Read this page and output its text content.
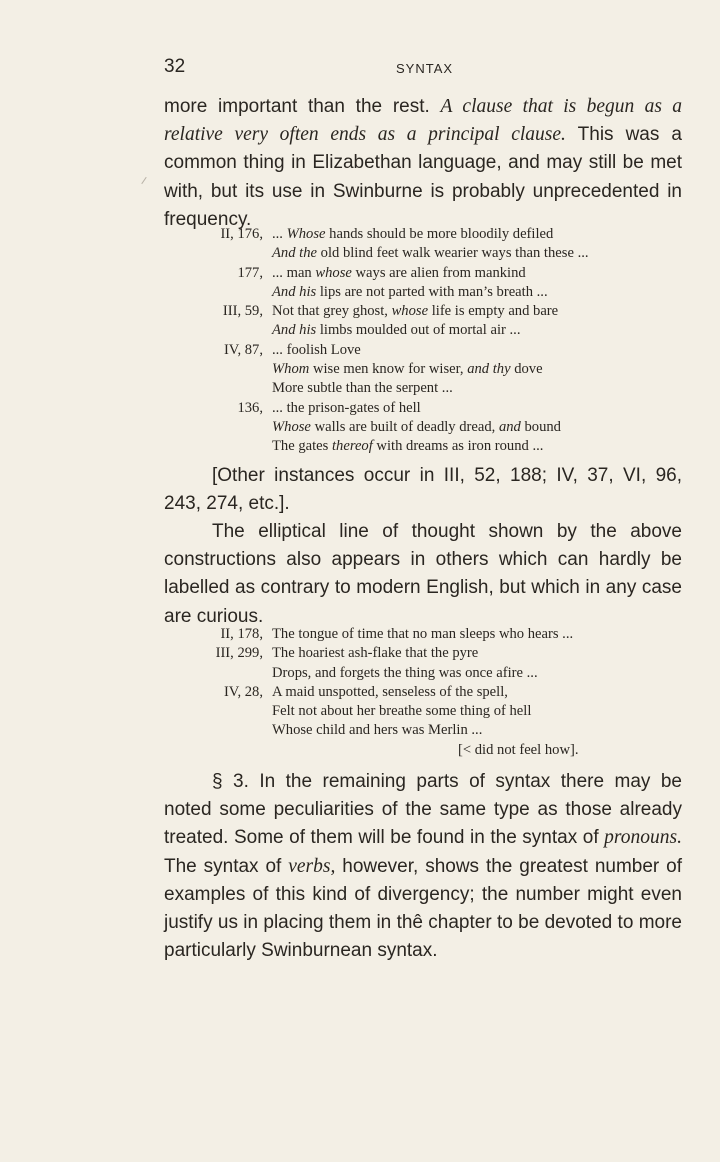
32	SYNTAX

more important than the rest. A clause that is begun as a relative very often ends as a principal clause. This was a common thing in Elizabethan language, and may still be met with, but its use in Swinburne is probably unprecedented in frequency.

II, 176, ... Whose hands should be more bloodily defiled
And the old blind feet walk wearier ways than these ...
177, ... man whose ways are alien from mankind
And his lips are not parted with man’s breath ...
III, 59, Not that grey ghost, whose life is empty and bare
And his limbs moulded out of mortal air ...
IV, 87, ... foolish Love
Whom wise men know for wiser, and thy dove
More subtle than the serpent ...
136, ... the prison-gates of hell
Whose walls are built of deadly dread, and bound
The gates thereof with dreams as iron round ...

[Other instances occur in III, 52, 188; IV, 37, VI, 96, 243, 274, etc.].

The elliptical line of thought shown by the above constructions also appears in others which can hardly be labelled as contrary to modern English, but which in any case are curious.

II, 178, The tongue of time that no man sleeps who hears ...
III, 299, The hoariest ash-flake that the pyre
Drops, and forgets the thing was once afire ...
IV, 28, A maid unspotted, senseless of the spell,
Felt not about her breathe some thing of hell
Whose child and hers was Merlin ...
[< did not feel how].

§ 3. In the remaining parts of syntax there may be noted some peculiarities of the same type as those already treated. Some of them will be found in the syntax of pronouns. The syntax of verbs, however, shows the greatest number of examples of this kind of divergency; the number might even justify us in placing them in thê chapter to be devoted to more particularly Swinburnean syntax.
